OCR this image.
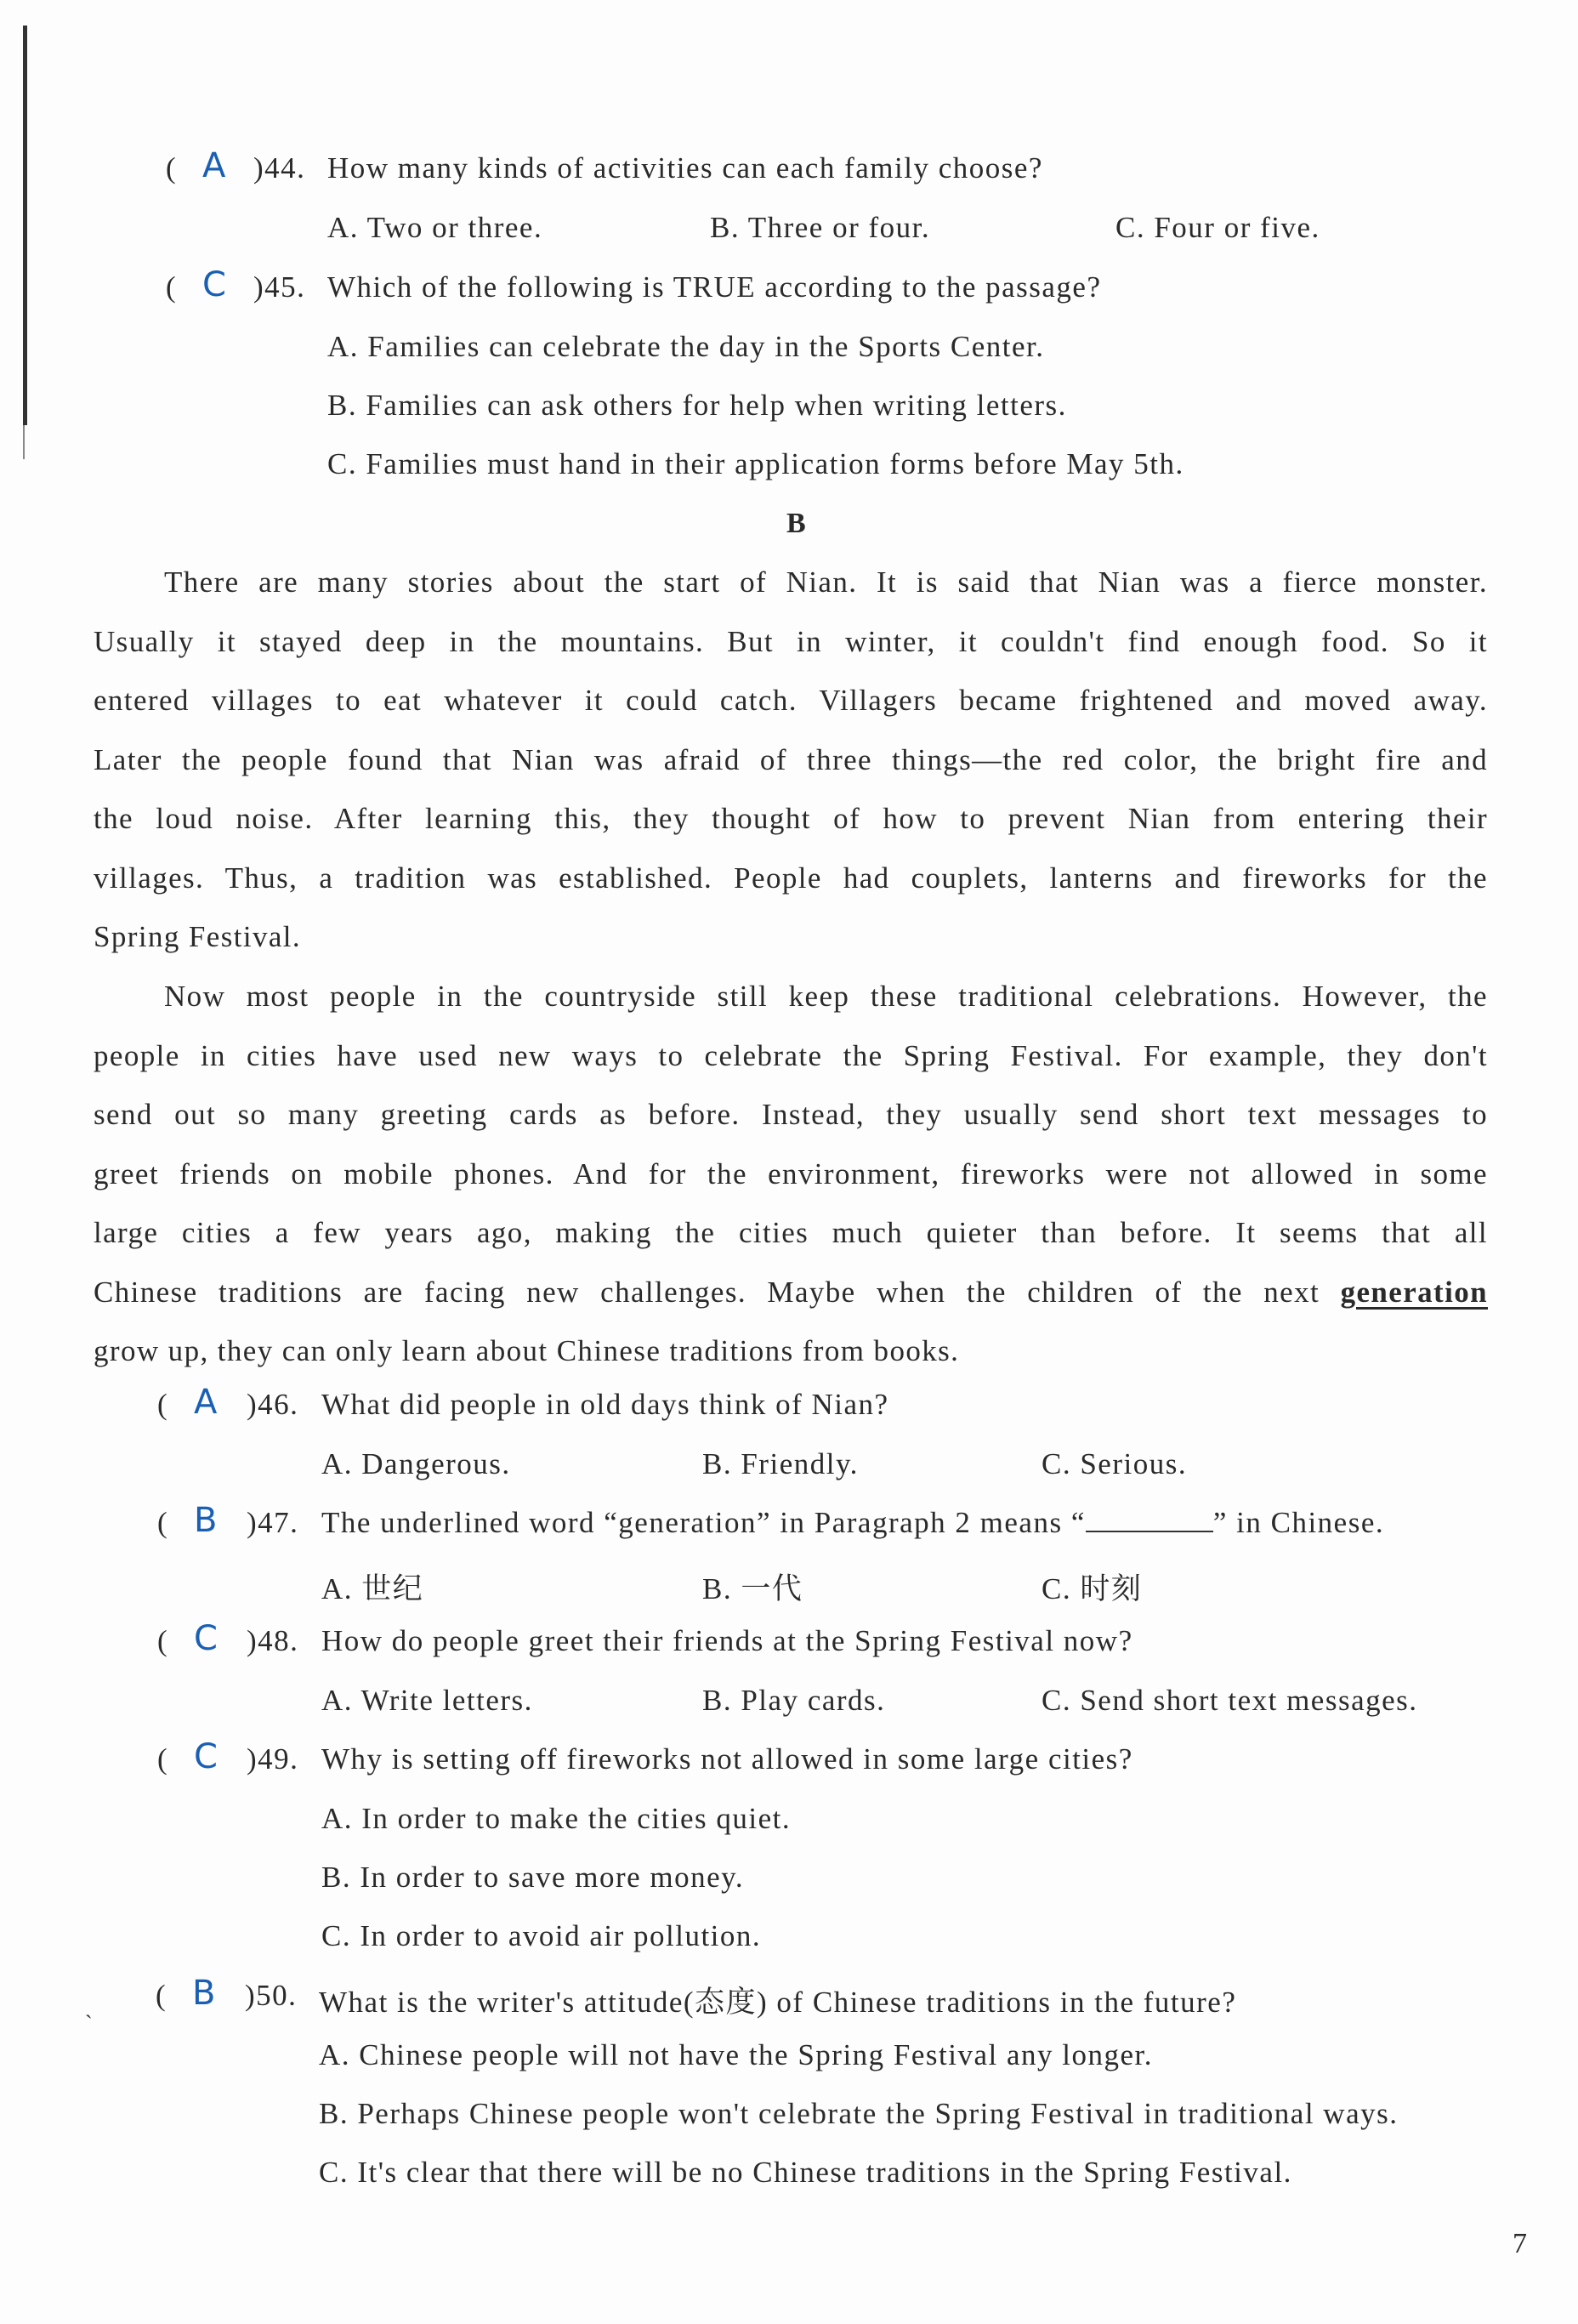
( A )44. How many kinds of activities can each family choose?
A. Two or three.	B. Three or four.	C. Four or five.
( C )45. Which of the following is TRUE according to the passage?
A. Families can celebrate the day in the Sports Center.
B. Families can ask others for help when writing letters.
C. Families must hand in their application forms before May 5th.
B
There are many stories about the start of Nian. It is said that Nian was a fierce monster.
Usually it stayed deep in the mountains. But in winter, it couldn't find enough food. So it
entered villages to eat whatever it could catch. Villagers became frightened and moved away.
Later the people found that Nian was afraid of three things—the red color, the bright fire and
the loud noise. After learning this, they thought of how to prevent Nian from entering their
villages. Thus, a tradition was established. People had couplets, lanterns and fireworks for the
Spring Festival.
Now most people in the countryside still keep these traditional celebrations. However, the
people in cities have used new ways to celebrate the Spring Festival. For example, they don't
send out so many greeting cards as before. Instead, they usually send short text messages to
greet friends on mobile phones. And for the environment, fireworks were not allowed in some
large cities a few years ago, making the cities much quieter than before. It seems that all
Chinese traditions are facing new challenges. Maybe when the children of the next generation
grow up, they can only learn about Chinese traditions from books.
( A )46. What did people in old days think of Nian?
A. Dangerous.	B. Friendly.	C. Serious.
( B )47. The underlined word “generation” in Paragraph 2 means “	” in Chinese.
A. 世纪	B. 一代	C. 时刻
( C )48. How do people greet their friends at the Spring Festival now?
A. Write letters.	B. Play cards.	C. Send short text messages.
( C )49. Why is setting off fireworks not allowed in some large cities?
A. In order to make the cities quiet.
B. In order to save more money.
C. In order to avoid air pollution.
ˏ ( B )50. What is the writer's attitude(态度) of Chinese traditions in the future?
A. Chinese people will not have the Spring Festival any longer.
B. Perhaps Chinese people won't celebrate the Spring Festival in traditional ways.
C. It's clear that there will be no Chinese traditions in the Spring Festival.
7
